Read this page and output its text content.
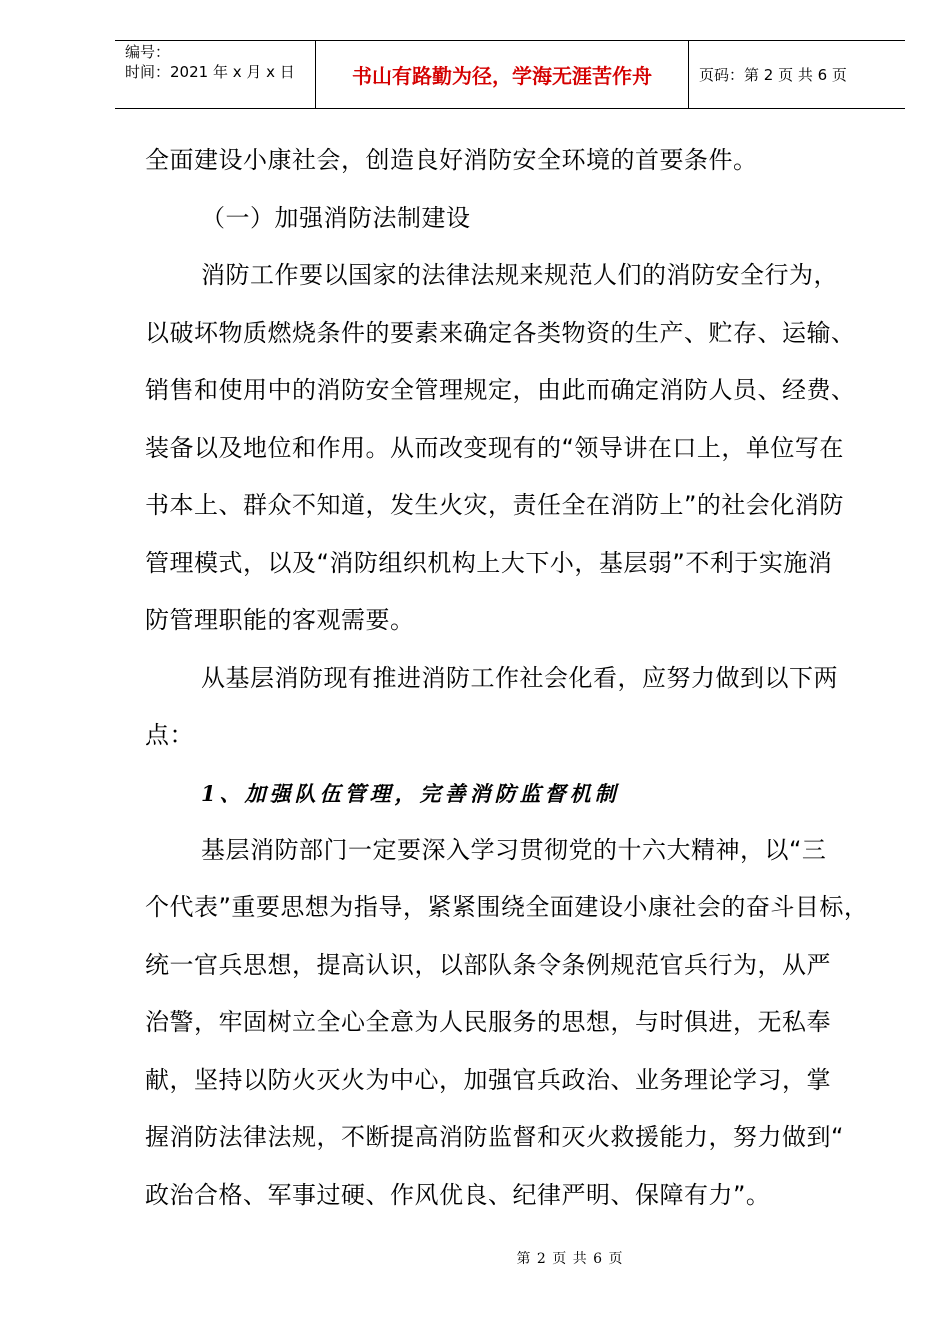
编号：
时间：2021 年 x 月 x 日	书山有路勤为径，学海无涯苦作舟	页码：第 2 页 共 6 页

全面建设小康社会，创造良好消防安全环境的首要条件。

（一）加强消防法制建设

消防工作要以国家的法律法规来规范人们的消防安全行为，

以破坏物质燃烧条件的要素来确定各类物资的生产、贮存、运输、

销售和使用中的消防安全管理规定，由此而确定消防人员、经费、

装备以及地位和作用。从而改变现有的“领导讲在口上，单位写在

书本上、群众不知道，发生火灾，责任全在消防上”的社会化消防

管理模式，以及“消防组织机构上大下小，基层弱”不利于实施消

防管理职能的客观需要。

从基层消防现有推进消防工作社会化看，应努力做到以下两

点：

1、加强队伍管理，完善消防监督机制

基层消防部门一定要深入学习贯彻党的十六大精神，以“三

个代表”重要思想为指导，紧紧围绕全面建设小康社会的奋斗目标，

统一官兵思想，提高认识，以部队条令条例规范官兵行为，从严

治警，牢固树立全心全意为人民服务的思想，与时俱进，无私奉

献，坚持以防火灭火为中心，加强官兵政治、业务理论学习，掌

握消防法律法规，不断提高消防监督和灭火救援能力，努力做到“

政治合格、军事过硬、作风优良、纪律严明、保障有力”。

第 2 页 共 6 页
